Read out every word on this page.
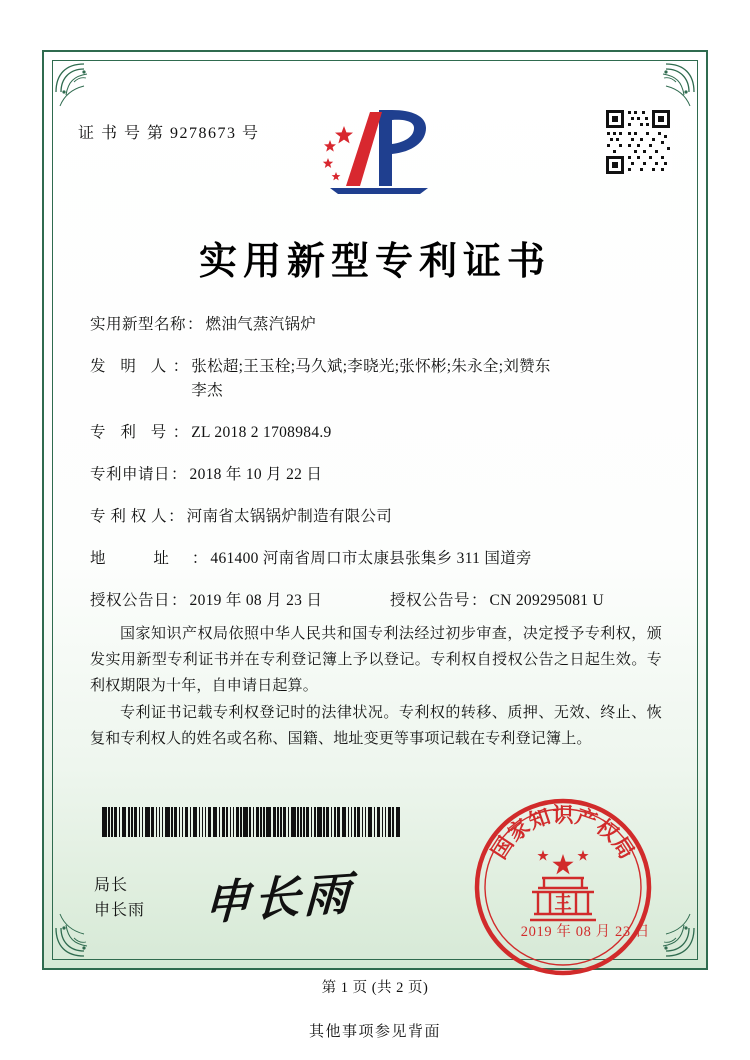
证 书 号 第 9278673 号
实用新型专利证书
实用新型名称 ： 燃油气蒸汽锅炉
发 明 人 ： 张松超;王玉栓;马久斌;李晓光;张怀彬;朱永全;刘赞东
李杰
专 利 号 ： ZL 2018 2 1708984.9
专利申请日 ： 2018 年 10 月 22 日
专 利 权 人 ： 河南省太锅锅炉制造有限公司
地 址 ： 461400 河南省周口市太康县张集乡 311 国道旁
授权公告日 ： 2019 年 08 月 23 日	授权公告号 ： CN 209295081 U

国家知识产权局依照中华人民共和国专利法经过初步审查，决定授予专利权，颁发实用新型专利证书并在专利登记簿上予以登记。专利权自授权公告之日起生效。专利权期限为十年，自申请日起算。

专利证书记载专利权登记时的法律状况。专利权的转移、质押、无效、终止、恢复和专利权人的姓名或名称、国籍、地址变更等事项记载在专利登记簿上。

局长
申长雨 申长雨
家
知 识 产
权
国	局
三
2019 年 08 月 23 日
第 1 页 (共 2 页)
其他事项参见背面
